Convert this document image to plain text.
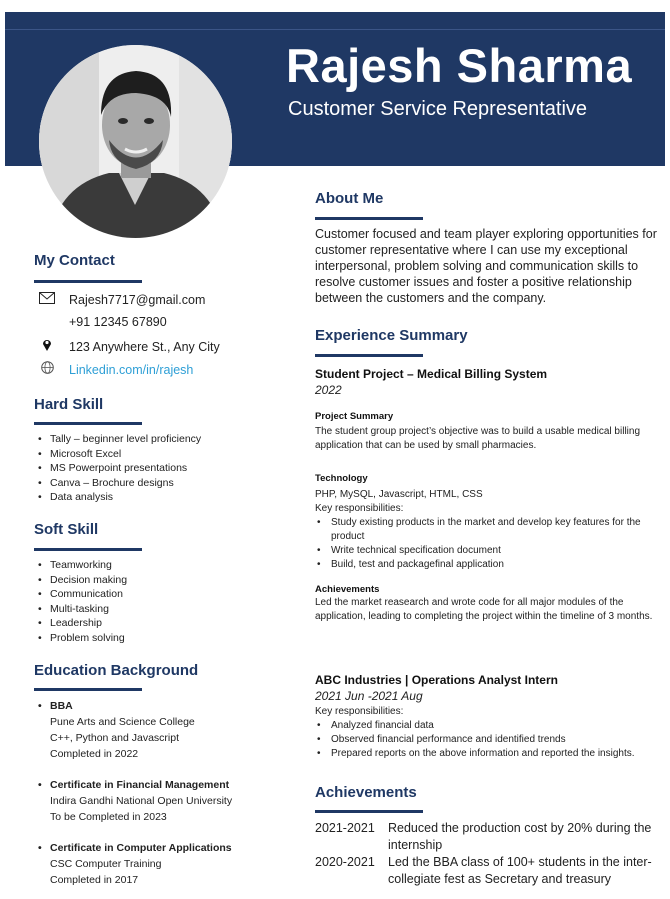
Rajesh Sharma
Customer Service Representative
My Contact
Rajesh7717@gmail.com
+91 12345 67890
123 Anywhere St., Any City
Linkedin.com/in/rajesh
Hard Skill
• Tally – beginner level proficiency
• Microsoft Excel
• MS Powerpoint presentations
• Canva – Brochure designs
• Data analysis
Soft Skill
• Teamworking
• Decision making
• Communication
• Multi-tasking
• Leadership
• Problem solving
Education Background
• BBA
Pune Arts and Science College
C++, Python and Javascript
Completed in 2022
• Certificate in Financial Management
Indira Gandhi National Open University
To be Completed in 2023
• Certificate in Computer Applications
CSC Computer Training
Completed in 2017
About Me
Customer focused and team player exploring opportunities for customer representative where I can use my exceptional interpersonal, problem solving and communication skills to resolve customer issues and foster a positive relationship between the customers and the company.
Experience Summary
Student Project – Medical Billing System
2022
Project Summary
The student group project’s objective was to build a usable medical billing application that can be used by small pharmacies.
Technology
PHP, MySQL, Javascript, HTML, CSS
Key responsibilities:
• Study existing products in the market and develop key features for the product
• Write technical specification document
• Build, test and packagefinal application
Achievements
Led the market reasearch and wrote code for all major modules of the application, leading to completing the project within the timeline of 3 months.
ABC Industries | Operations Analyst Intern
2021 Jun -2021 Aug
Key responsibilities:
• Analyzed financial data
• Observed financial performance and identified trends
• Prepared reports on the above information and reported the insights.
Achievements
2021-2021 Reduced the production cost by 20% during the internship
2020-2021 Led the BBA class of 100+ students in the inter-collegiate fest as Secretary and treasury
